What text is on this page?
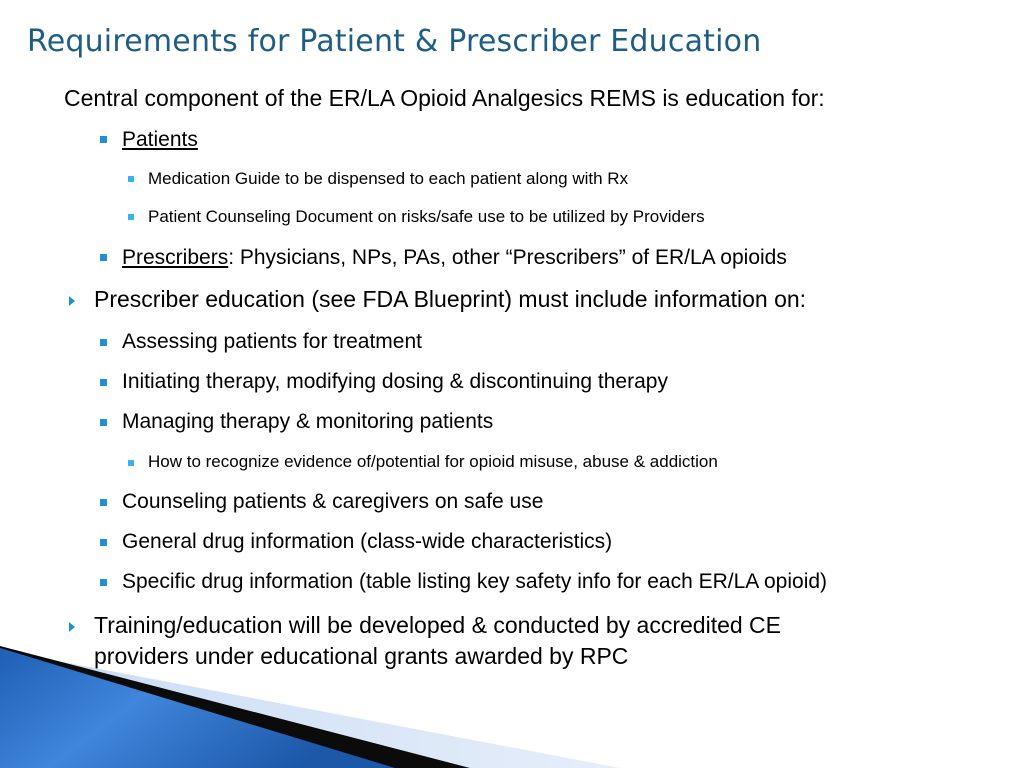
Requirements for Patient & Prescriber Education
Central component of the ER/LA Opioid Analgesics REMS is education for:
Patients
Medication Guide to be dispensed to each patient along with Rx
Patient Counseling Document on risks/safe use to be utilized by Providers
Prescribers: Physicians, NPs, PAs, other “Prescribers” of ER/LA opioids
Prescriber education (see FDA Blueprint) must include information on:
Assessing patients for treatment
Initiating therapy, modifying dosing & discontinuing therapy
Managing therapy & monitoring patients
How to recognize evidence of/potential for opioid misuse, abuse & addiction
Counseling patients & caregivers on safe use
General drug information (class-wide characteristics)
Specific drug information (table listing key safety info for each ER/LA opioid)
Training/education will be developed & conducted by accredited CE
providers under educational grants awarded by RPC
